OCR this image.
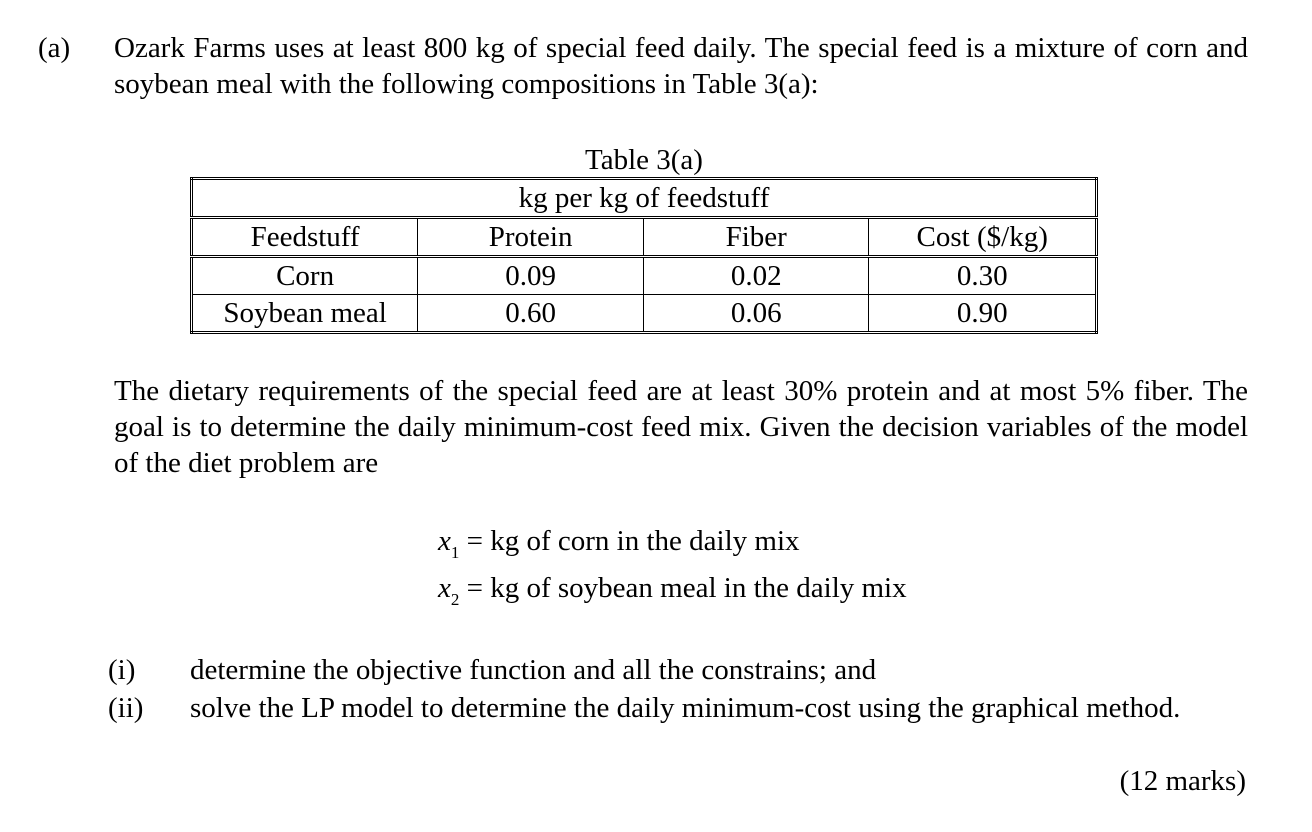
(a) Ozark Farms uses at least 800 kg of special feed daily. The special feed is a mixture of corn and soybean meal with the following compositions in Table 3(a):
Table 3(a)
kg per kg of feedstuff			
Feedstuff	Protein	Fiber	Cost ($/kg)
Corn	0.09	0.02	0.30
Soybean meal	0.60	0.06	0.90
The dietary requirements of the special feed are at least 30% protein and at most 5% fiber. The goal is to determine the daily minimum-cost feed mix. Given the decision variables of the model of the diet problem are
$x_1$ = kg of corn in the daily mix
$x_2$ = kg of soybean meal in the daily mix
(i) determine the objective function and all the constrains; and
(ii) solve the LP model to determine the daily minimum-cost using the graphical method.
(12 marks)
